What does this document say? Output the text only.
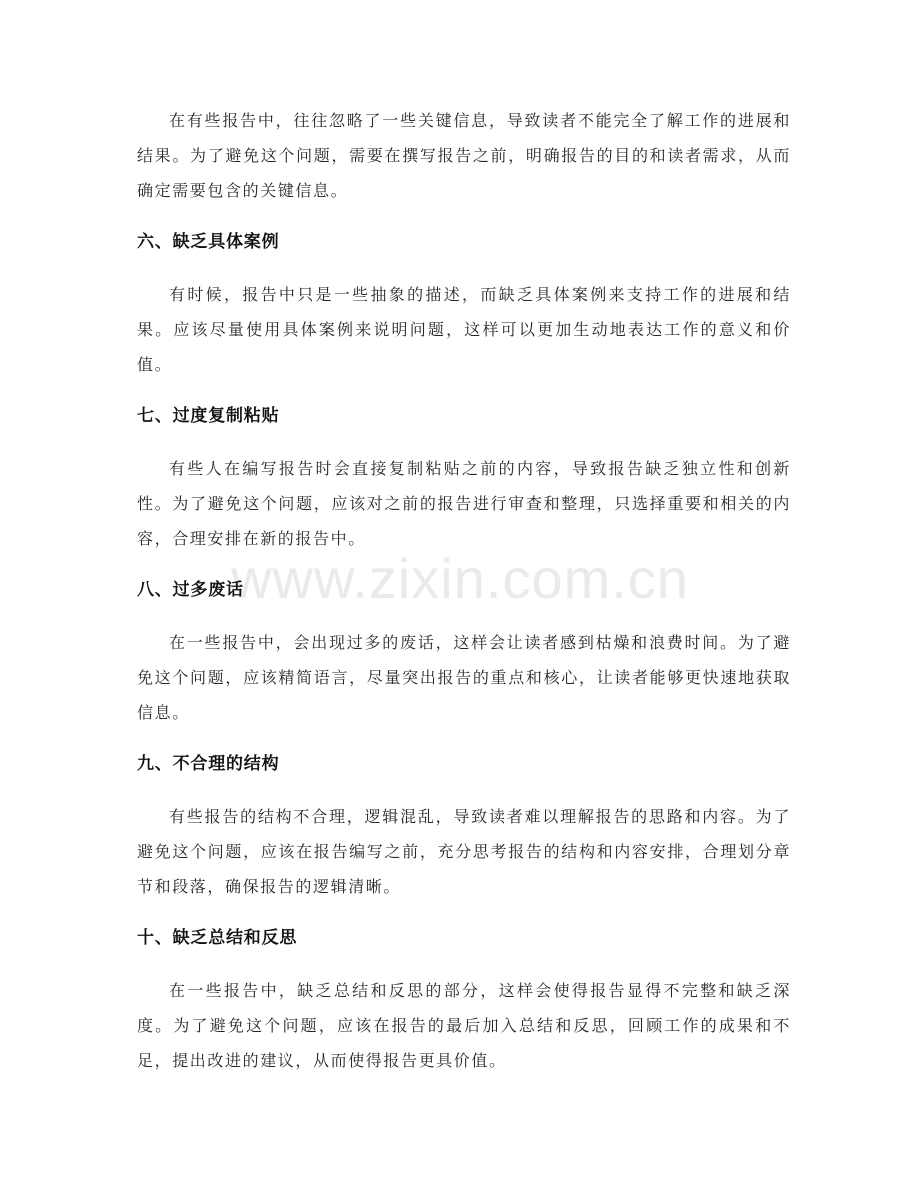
www.zixin.com.cn

在有些报告中，往往忽略了一些关键信息，导致读者不能完全了解工作的进展和结果。为了避免这个问题，需要在撰写报告之前，明确报告的目的和读者需求，从而确定需要包含的关键信息。

六、缺乏具体案例

有时候，报告中只是一些抽象的描述，而缺乏具体案例来支持工作的进展和结果。应该尽量使用具体案例来说明问题，这样可以更加生动地表达工作的意义和价值。

七、过度复制粘贴

有些人在编写报告时会直接复制粘贴之前的内容，导致报告缺乏独立性和创新性。为了避免这个问题，应该对之前的报告进行审查和整理，只选择重要和相关的内容，合理安排在新的报告中。

八、过多废话

在一些报告中，会出现过多的废话，这样会让读者感到枯燥和浪费时间。为了避免这个问题，应该精简语言，尽量突出报告的重点和核心，让读者能够更快速地获取信息。

九、不合理的结构

有些报告的结构不合理，逻辑混乱，导致读者难以理解报告的思路和内容。为了避免这个问题，应该在报告编写之前，充分思考报告的结构和内容安排，合理划分章节和段落，确保报告的逻辑清晰。

十、缺乏总结和反思

在一些报告中，缺乏总结和反思的部分，这样会使得报告显得不完整和缺乏深度。为了避免这个问题，应该在报告的最后加入总结和反思，回顾工作的成果和不足，提出改进的建议，从而使得报告更具价值。
